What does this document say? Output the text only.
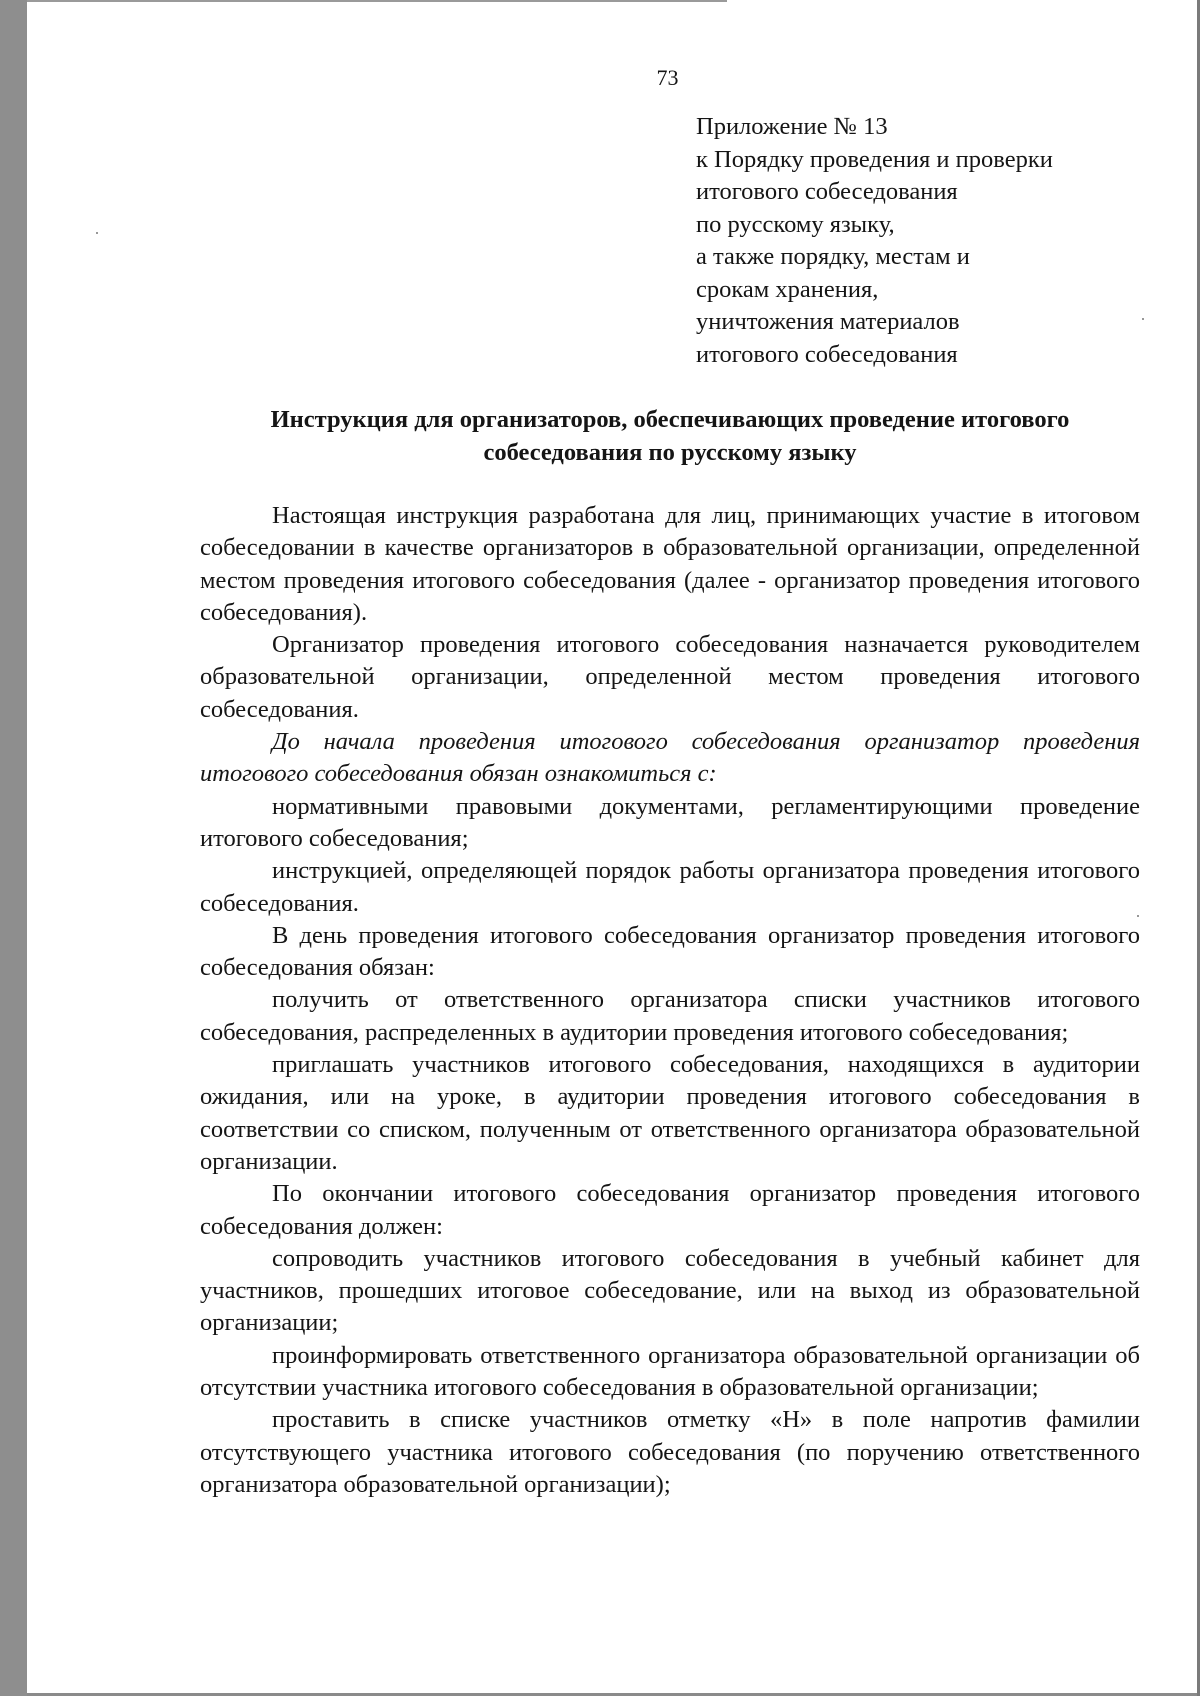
73
Приложение № 13
к Порядку проведения и проверки
итогового собеседования
по русскому языку,
а также порядку, местам и
срокам хранения,
уничтожения материалов
итогового собеседования
Инструкция для организаторов, обеспечивающих проведение итогового
собеседования по русскому языку

Настоящая инструкция разработана для лиц, принимающих участие в итоговом собеседовании в качестве организаторов в образовательной организации, определенной местом проведения итогового собеседования (далее - организатор проведения итогового собеседования).

Организатор проведения итогового собеседования назначается руководителем образовательной организации, определенной местом проведения итогового собеседования.

До начала проведения итогового собеседования организатор проведения итогового собеседования обязан ознакомиться с:

нормативными правовыми документами, регламентирующими проведение итогового собеседования;

инструкцией, определяющей порядок работы организатора проведения итогового собеседования.

В день проведения итогового собеседования организатор проведения итогового собеседования обязан:

получить от ответственного организатора списки участников итогового собеседования, распределенных в аудитории проведения итогового собеседования;

приглашать участников итогового собеседования, находящихся в аудитории ожидания, или на уроке, в аудитории проведения итогового собеседования в соответствии со списком, полученным от ответственного организатора образовательной организации.

По окончании итогового собеседования организатор проведения итогового собеседования должен:

сопроводить участников итогового собеседования в учебный кабинет для участников, прошедших итоговое собеседование, или на выход из образовательной организации;

проинформировать ответственного организатора образовательной организации об отсутствии участника итогового собеседования в образовательной организации;

проставить в списке участников отметку «Н» в поле напротив фамилии отсутствующего участника итогового собеседования (по поручению ответственного организатора образовательной организации);
